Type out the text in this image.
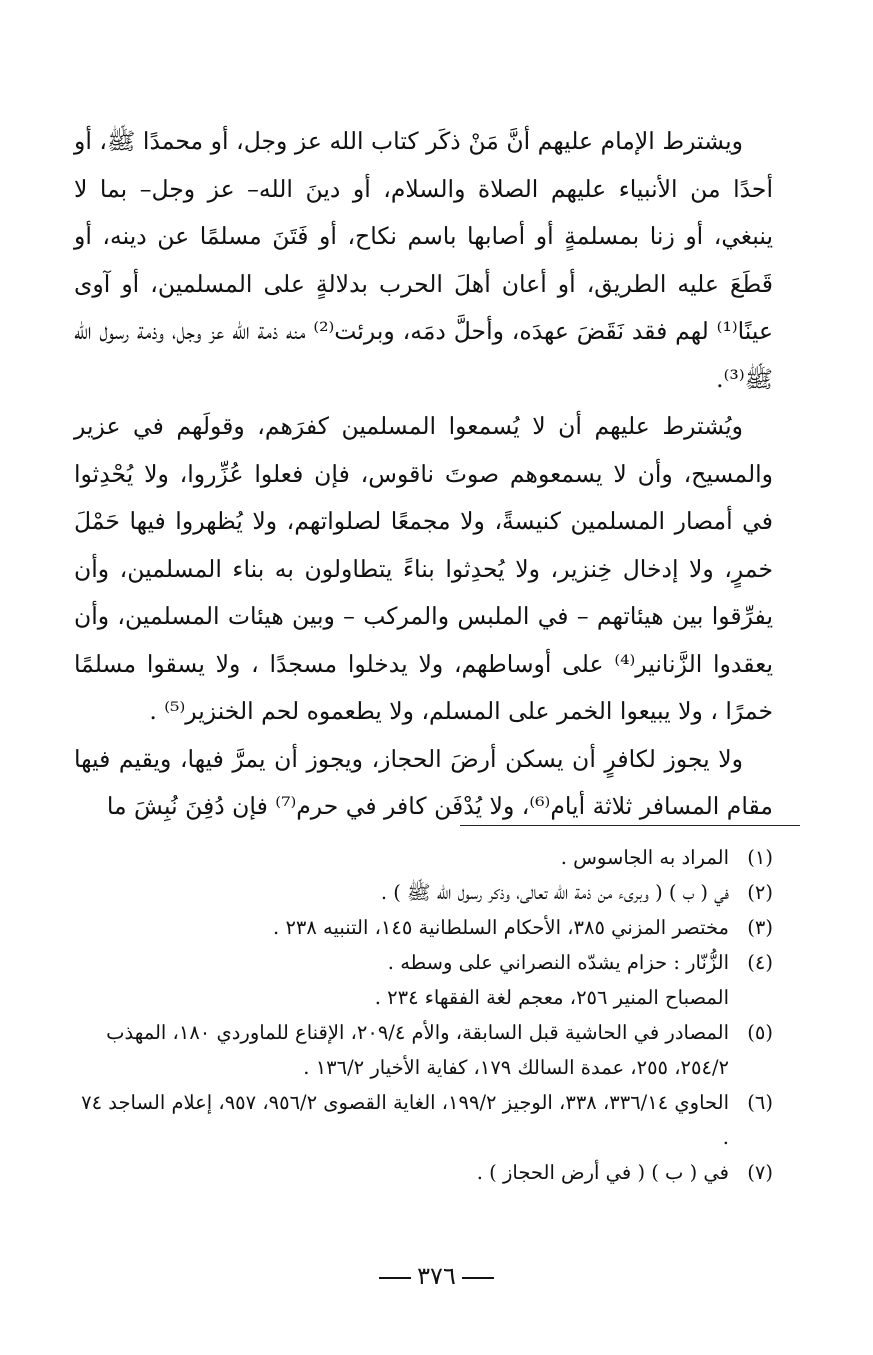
ويشترط الإمام عليهم أنَّ مَنْ ذكَر كتاب الله عز وجل، أو محمدًا ﷺ، أو أحدًا من الأنبياء عليهم الصلاة والسلام، أو دينَ الله– عز وجل– بما لا ينبغي، أو زنا بمسلمةٍ أو أصابها باسم نكاح، أو فَتَنَ مسلمًا عن دينه، أو قَطَعَ عليه الطريق، أو أعان أهلَ الحرب بدلالةٍ على المسلمين، أو آوى عينًا⁽¹⁾ لهم فقد نَقَضَ عهدَه، وأحلَّ دمَه، وبرئت⁽²⁾ منه ذمة الله عز وجل، وذمة رسول الله ﷺ⁽³⁾.

ويُشترط عليهم أن لا يُسمعوا المسلمين كفرَهم، وقولَهم في عزير والمسيح، وأن لا يسمعوهم صوتَ ناقوس، فإن فعلوا عُزِّروا، ولا يُحْدِثوا في أمصار المسلمين كنيسةً، ولا مجمعًا لصلواتهم، ولا يُظهروا فيها حَمْلَ خمرٍ، ولا إدخال خِنزير، ولا يُحدِثوا بناءً يتطاولون به بناء المسلمين، وأن يفرِّقوا بين هيئاتهم – في الملبس والمركب – وبين هيئات المسلمين، وأن يعقدوا الزَّنانير⁽⁴⁾ على أوساطهم، ولا يدخلوا مسجدًا ، ولا يسقوا مسلمًا خمرًا ، ولا يبيعوا الخمر على المسلم، ولا يطعموه لحم الخنزير⁽⁵⁾ .

ولا يجوز لكافرٍ أن يسكن أرضَ الحجاز، ويجوز أن يمرَّ فيها، ويقيم فيها مقام المسافر ثلاثة أيام⁽⁶⁾، ولا يُدْفَن كافر في حرم⁽⁷⁾ فإن دُفِنَ نُبِشَ ما

(١)
المراد به الجاسوس .
(٢)
في ( ب ) ( وبرىء من ذمة الله تعالى، وذكر رسول الله ﷺ ) .
(٣)
مختصر المزني ٣٨٥، الأحكام السلطانية ١٤٥، التنبيه ٢٣٨ .
(٤)
الزُّنّار : حزام يشدّه النصراني على وسطه .
المصباح المنير ٢٥٦، معجم لغة الفقهاء ٢٣٤ .
(٥)
المصادر في الحاشية قبل السابقة، والأم ٢٠٩/٤، الإقناع للماوردي ١٨٠، المهذب ٢٥٤/٢، ٢٥٥، عمدة السالك ١٧٩، كفاية الأخيار ١٣٦/٢ .
(٦)
الحاوي ٣٣٦/١٤، ٣٣٨، الوجيز ١٩٩/٢، الغاية القصوى ٩٥٦/٢، ٩٥٧، إعلام الساجد ٧٤ .
(٧)
في ( ب ) ( في أرض الحجاز ) .
٣٧٦
